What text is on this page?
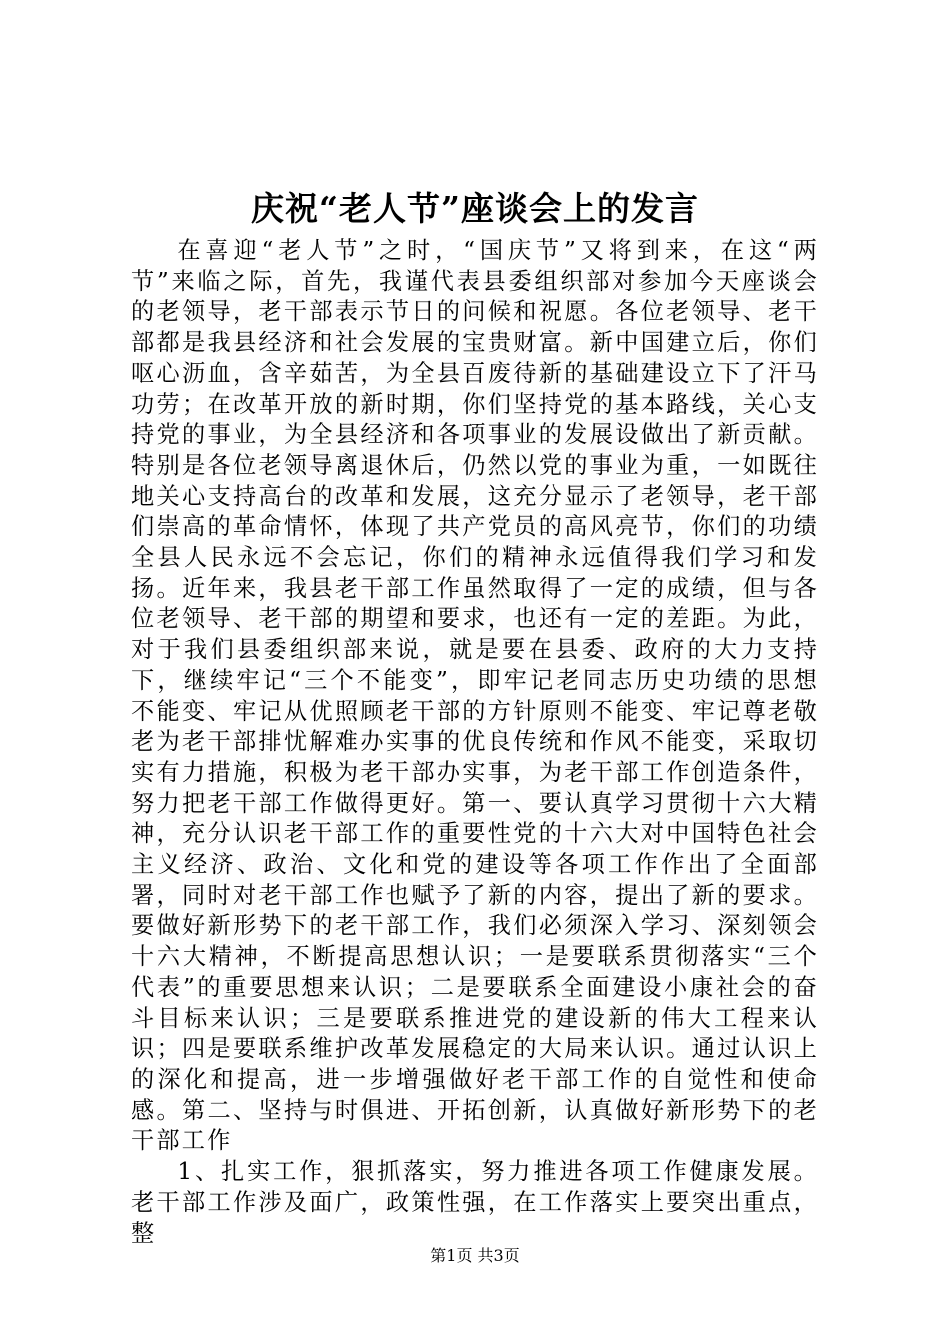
庆祝“老人节”座谈会上的发言

在喜迎“老人节”之时，“国庆节”又将到来，在这“两节”来临之际，首先，我谨代表县委组织部对参加今天座谈会的老领导，老干部表示节日的问候和祝愿。各位老领导、老干部都是我县经济和社会发展的宝贵财富。新中国建立后，你们呕心沥血，含辛茹苦，为全县百废待新的基础建设立下了汗马功劳；在改革开放的新时期，你们坚持党的基本路线，关心支持党的事业，为全县经济和各项事业的发展设做出了新贡献。特别是各位老领导离退休后，仍然以党的事业为重，一如既往地关心支持高台的改革和发展，这充分显示了老领导，老干部们崇高的革命情怀，体现了共产党员的高风亮节，你们的功绩全县人民永远不会忘记，你们的精神永远值得我们学习和发扬。近年来，我县老干部工作虽然取得了一定的成绩，但与各位老领导、老干部的期望和要求，也还有一定的差距。为此，对于我们县委组织部来说，就是要在县委、政府的大力支持下，继续牢记“三个不能变”，即牢记老同志历史功绩的思想不能变、牢记从优照顾老干部的方针原则不能变、牢记尊老敬老为老干部排忧解难办实事的优良传统和作风不能变，采取切实有力措施，积极为老干部办实事，为老干部工作创造条件，努力把老干部工作做得更好。第一、要认真学习贯彻十六大精神，充分认识老干部工作的重要性党的十六大对中国特色社会主义经济、政治、文化和党的建设等各项工作作出了全面部署，同时对老干部工作也赋予了新的内容，提出了新的要求。要做好新形势下的老干部工作，我们必须深入学习、深刻领会十六大精神，不断提高思想认识；一是要联系贯彻落实“三个代表”的重要思想来认识；二是要联系全面建设小康社会的奋斗目标来认识；三是要联系推进党的建设新的伟大工程来认识；四是要联系维护改革发展稳定的大局来认识。通过认识上的深化和提高，进一步增强做好老干部工作的自觉性和使命感。第二、坚持与时俱进、开拓创新，认真做好新形势下的老干部工作

1、扎实工作，狠抓落实，努力推进各项工作健康发展。老干部工作涉及面广，政策性强，在工作落实上要突出重点，整

第1页 共3页
